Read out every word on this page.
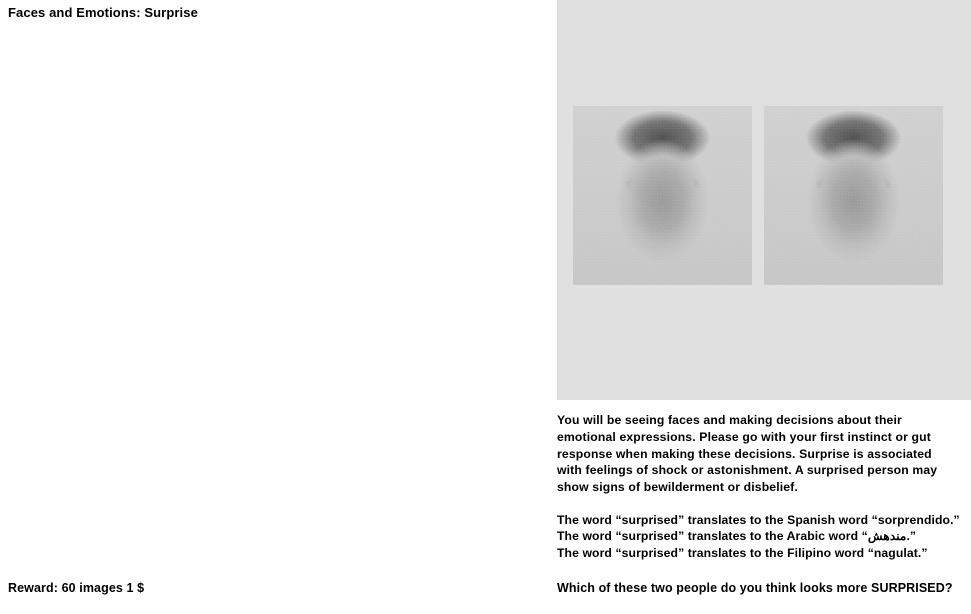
Faces and Emotions: Surprise
You will be seeing faces and making decisions about their emotional expressions. Please go with your first instinct or gut response when making these decisions. Surprise is associated with feelings of shock or astonishment. A surprised person may show signs of bewilderment or disbelief.
The word “surprised” translates to the Spanish word “sorprendido.”
The word “surprised” translates to the Arabic word “مندهش.”
The word “surprised” translates to the Filipino word “nagulat.”
Which of these two people do you think looks more SURPRISED?
Reward: 60 images 1 $
